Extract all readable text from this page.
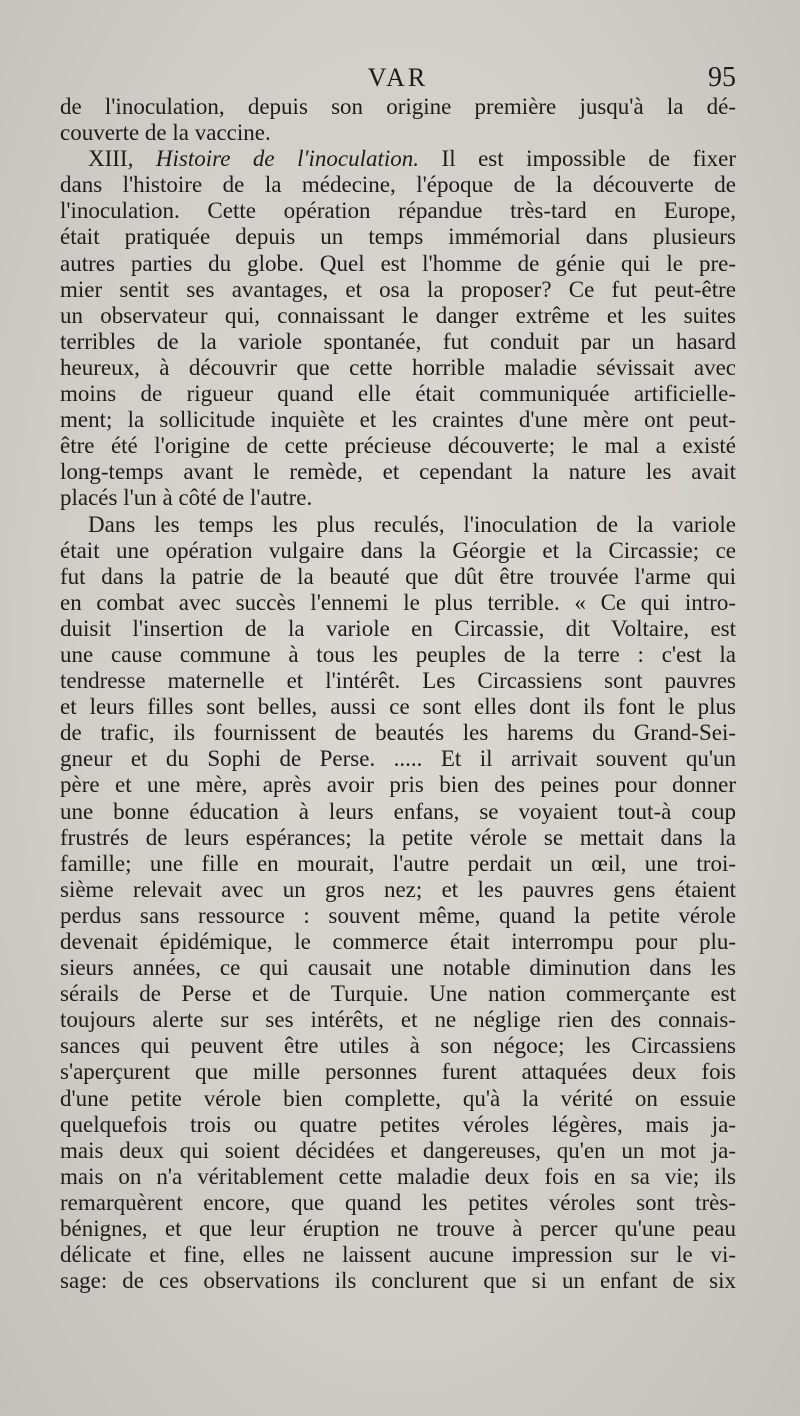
VAR	95
de l'inoculation, depuis son origine première jusqu'à la dé-
couverte de la vaccine.
XIII, Histoire de l'inoculation. Il est impossible de fixer
dans l'histoire de la médecine, l'époque de la découverte de
l'inoculation. Cette opération répandue très-tard en Europe,
était pratiquée depuis un temps immémorial dans plusieurs
autres parties du globe. Quel est l'homme de génie qui le pre-
mier sentit ses avantages, et osa la proposer? Ce fut peut-être
un observateur qui, connaissant le danger extrême et les suites
terribles de la variole spontanée, fut conduit par un hasard
heureux, à découvrir que cette horrible maladie sévissait avec
moins de rigueur quand elle était communiquée artificielle-
ment; la sollicitude inquiète et les craintes d'une mère ont peut-
être été l'origine de cette précieuse découverte; le mal a existé
long-temps avant le remède, et cependant la nature les avait
placés l'un à côté de l'autre.
Dans les temps les plus reculés, l'inoculation de la variole
était une opération vulgaire dans la Géorgie et la Circassie; ce
fut dans la patrie de la beauté que dût être trouvée l'arme qui
en combat avec succès l'ennemi le plus terrible. « Ce qui intro-
duisit l'insertion de la variole en Circassie, dit Voltaire, est
une cause commune à tous les peuples de la terre : c'est la
tendresse maternelle et l'intérêt. Les Circassiens sont pauvres
et leurs filles sont belles, aussi ce sont elles dont ils font le plus
de trafic, ils fournissent de beautés les harems du Grand-Sei-
gneur et du Sophi de Perse. ..... Et il arrivait souvent qu'un
père et une mère, après avoir pris bien des peines pour donner
une bonne éducation à leurs enfans, se voyaient tout-à coup
frustrés de leurs espérances; la petite vérole se mettait dans la
famille; une fille en mourait, l'autre perdait un œil, une troi-
sième relevait avec un gros nez; et les pauvres gens étaient
perdus sans ressource : souvent même, quand la petite vérole
devenait épidémique, le commerce était interrompu pour plu-
sieurs années, ce qui causait une notable diminution dans les
sérails de Perse et de Turquie. Une nation commerçante est
toujours alerte sur ses intérêts, et ne néglige rien des connais-
sances qui peuvent être utiles à son négoce; les Circassiens
s'aperçurent que mille personnes furent attaquées deux fois
d'une petite vérole bien complette, qu'à la vérité on essuie
quelquefois trois ou quatre petites véroles légères, mais ja-
mais deux qui soient décidées et dangereuses, qu'en un mot ja-
mais on n'a véritablement cette maladie deux fois en sa vie; ils
remarquèrent encore, que quand les petites véroles sont très-
bénignes, et que leur éruption ne trouve à percer qu'une peau
délicate et fine, elles ne laissent aucune impression sur le vi-
sage: de ces observations ils conclurent que si un enfant de six
